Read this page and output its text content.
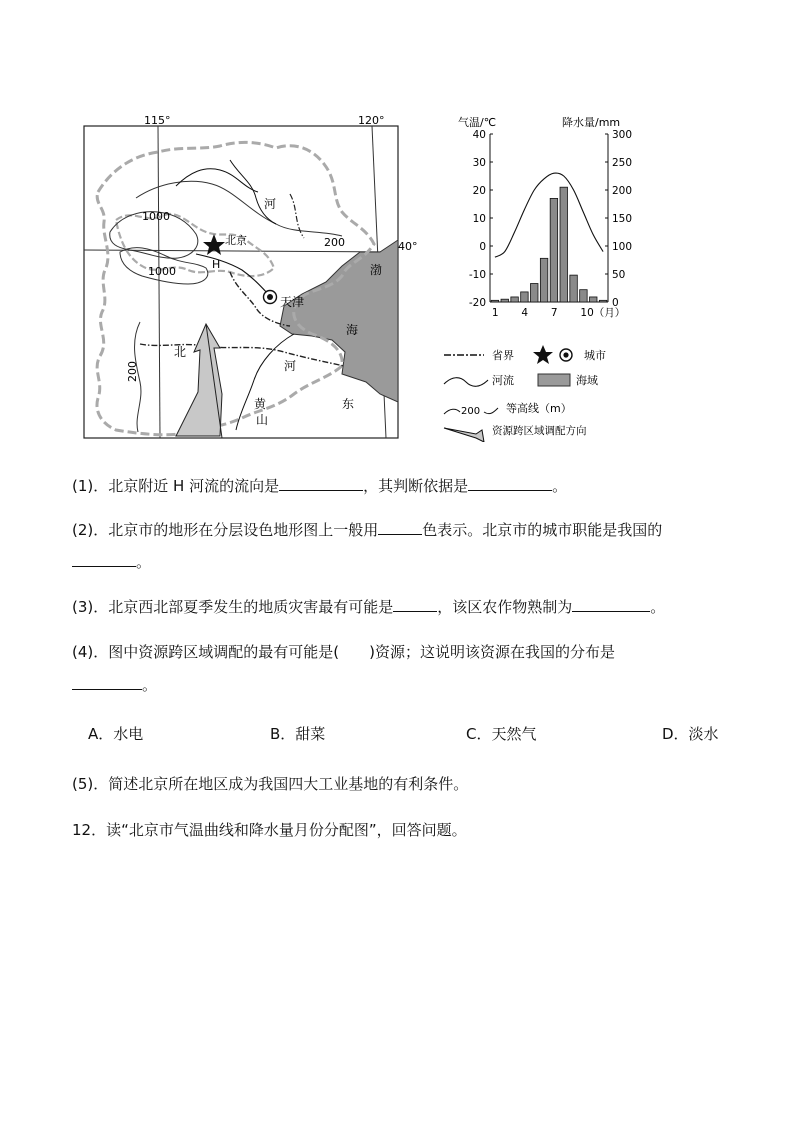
115°	120°
40°
北京
天津
H
河
北
河
黄
山
东
渤
海
1000
1000
200
200
气温/℃	降水量/mm
40
30
20
10
0
-10
-20
300
250
200
150
100
50
0
1 4 7 10（月）
省界	城市
河流	海域
200 等高线（m）
资源跨区域调配方向
(1)．北京附近 H 河流的流向是	，其判断依据是	。
(2)．北京市的地形在分层设色地形图上一般用	色表示。北京市的城市职能是我国的
。
(3)．北京西北部夏季发生的地质灾害最有可能是	，该区农作物熟制为	。
(4)．图中资源跨区域调配的最有可能是( )资源；这说明该资源在我国的分布是
。
A．水电	B．甜菜	C．天然气	D．淡水
(5)．简述北京所在地区成为我国四大工业基地的有利条件。
12．读“北京市气温曲线和降水量月份分配图”，回答问题。
